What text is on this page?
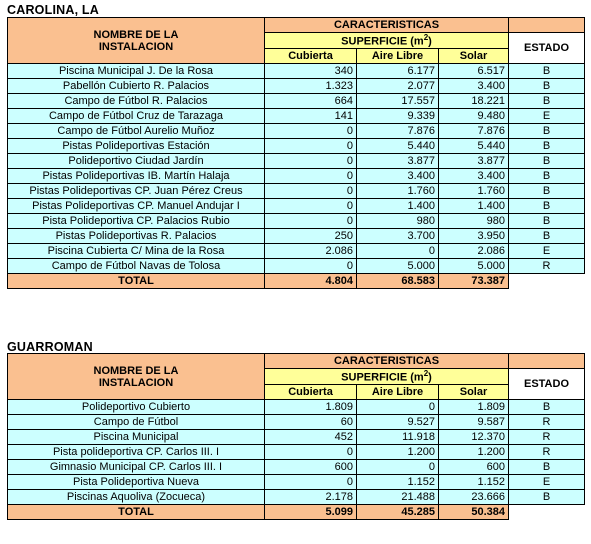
CAROLINA, LA
NOMBRE DE LA
INSTALACION	CARACTERISTICAS			
	SUPERFICIE $(m^2)$			ESTADO
	Cubierta	Aire Libre	Solar	
Piscina Municipal J. De la Rosa	340	6.177	6.517	B
Pabellón Cubierto R. Palacios	1.323	2.077	3.400	B
Campo de Fútbol R. Palacios	664	17.557	18.221	B
Campo de Fútbol Cruz de Tarazaga	141	9.339	9.480	E
Campo de Fútbol Aurelio Muñoz	0	7.876	7.876	B
Pistas Polideportivas Estación	0	5.440	5.440	B
Polideportivo Ciudad Jardín	0	3.877	3.877	B
Pistas Polideportivas IB. Martín Halaja	0	3.400	3.400	B
Pistas Polideportivas CP. Juan Pérez Creus	0	1.760	1.760	B
Pistas Polideportivas CP. Manuel Andujar I	0	1.400	1.400	B
Pista Polideportiva CP. Palacios Rubio	0	980	980	B
Pistas Polideportivas R. Palacios	250	3.700	3.950	B
Piscina Cubierta C/ Mina de la Rosa	2.086	0	2.086	E
Campo de Fútbol Navas de Tolosa	0	5.000	5.000	R
TOTAL	4.804	68.583	73.387	
GUARROMAN
NOMBRE DE LA
INSTALACION	CARACTERISTICAS			
	SUPERFICIE $(m^2)$			ESTADO
	Cubierta	Aire Libre	Solar	
Polideportivo Cubierto	1.809	0	1.809	B
Campo de Fútbol	60	9.527	9.587	R
Piscina Municipal	452	11.918	12.370	R
Pista polideportiva CP. Carlos III. I	0	1.200	1.200	R
Gimnasio Municipal CP. Carlos III. I	600	0	600	B
Pista Polideportiva Nueva	0	1.152	1.152	E
Piscinas Aquoliva (Zocueca)	2.178	21.488	23.666	B
TOTAL	5.099	45.285	50.384	
